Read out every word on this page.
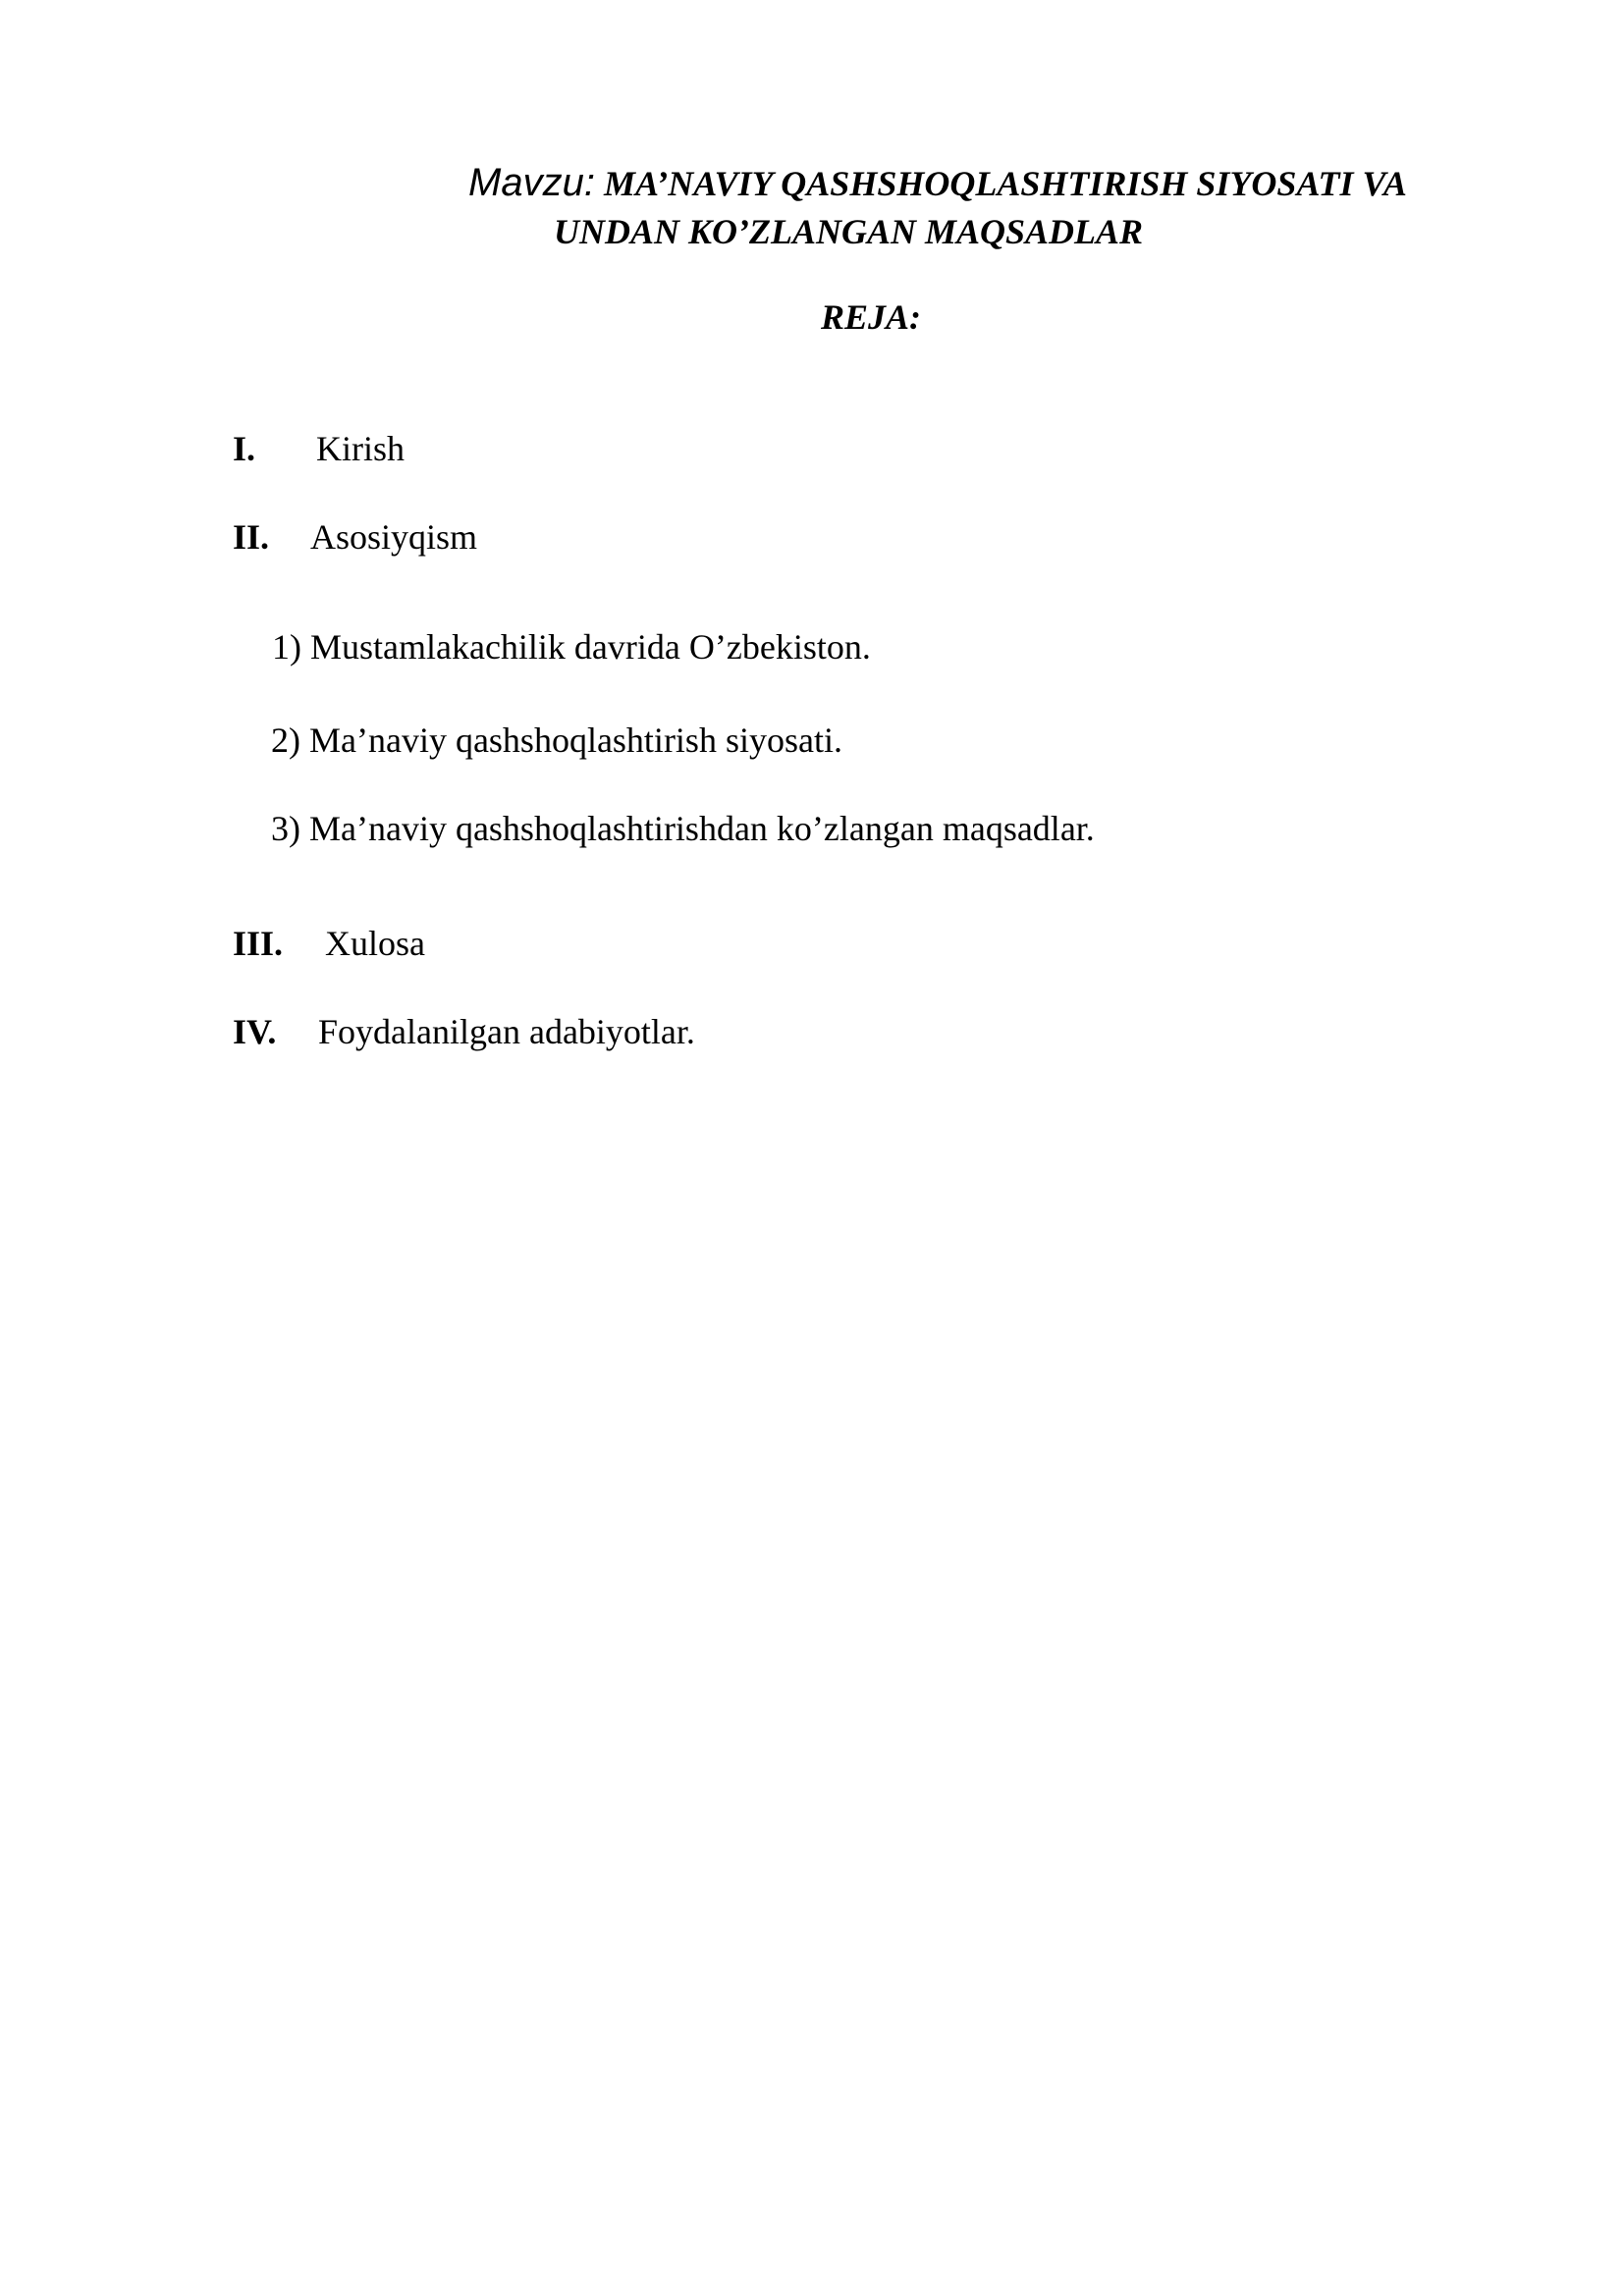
Mavzu: MA’NAVIY QASHSHOQLASHTIRISH SIYOSATI VA
UNDAN KO’ZLANGAN MAQSADLAR
REJA:
I. Kirish
II. Asosiyqism
1) Mustamlakachilik davrida O’zbekiston.
2) Ma’naviy qashshoqlashtirish siyosati.
3) Ma’naviy qashshoqlashtirishdan ko’zlangan maqsadlar.
III. Xulosa
IV. Foydalanilgan adabiyotlar.
